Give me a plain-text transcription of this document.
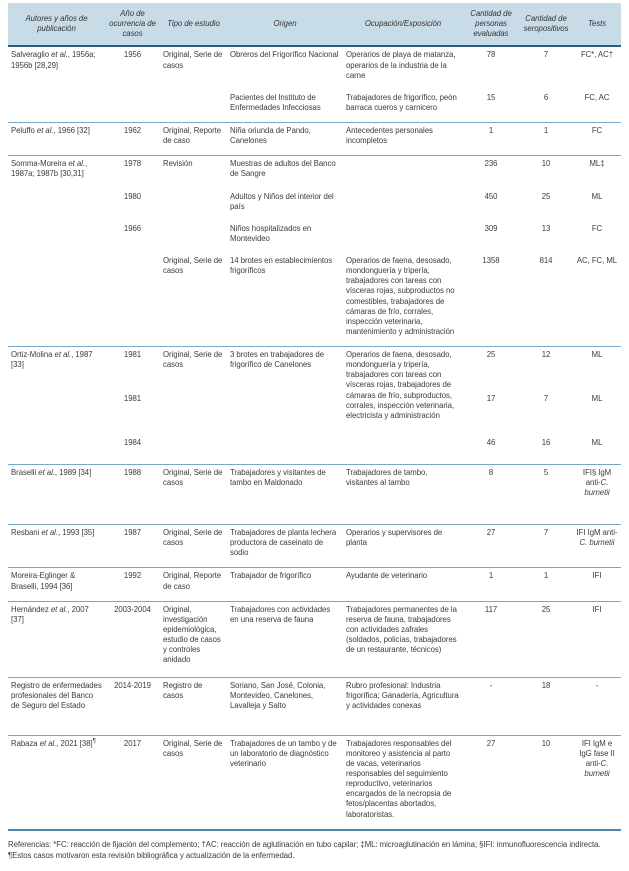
Autores y años de publicación	Año de ocurrencia de casos	Tipo de estudio	Origen	Ocupación/Exposición	Cantidad de personas evaluadas	Cantidad de seropositivos	Tests
Salveraglio et al., 1956a; 1956b [28,29]	1956	Original, Serie de casos	Obreros del Frigorífico Nacional	Operarios de playa de matanza, operarios de la industria de la carne	78	7	FC*, AC†
			Pacientes del Instituto de Enfermedades Infecciosas	Trabajadores de frigorífico, peón barraca cueros y carnicero	15	6	FC, AC
Peluffo et al., 1966 [32]	1962	Original, Reporte de caso	Niña oriunda de Pando, Canelones	Antecedentes personales incompletos	1	1	FC
Somma-Moreira et al., 1987a; 1987b [30,31]	1978	Revisión	Muestras de adultos del Banco de Sangre		236	10	ML‡
	1980		Adultos y Niños del interior del país		450	25	ML
	1966		Niños hospitalizados en Montevideo		309	13	FC
		Original, Serie de casos	14 brotes en establecimientos frigoríficos	Operarios de faena, desosado, mondonguería y tripería, trabajadores con tareas con vísceras rojas, subproductos no comestibles, trabajadores de cámaras de frío, corrales, inspección veterinaria, mantenimiento y administración	1358	814	AC, FC, ML
Ortiz-Molina et al., 1987 [33]	1981	Original, Serie de casos	3 brotes en trabajadores de frigorífico de Canelones	Operarios de faena, desosado, mondonguería y tripería, trabajadores con tareas con vísceras rojas, trabajadores de cámaras de frío, subproductos, corrales, inspección veterinaria, electricista y administración	25	12	ML
	1981				17	7	ML
	1984				46	16	ML
Braselli et al., 1989 [34]	1988	Original, Serie de casos	Trabajadores y visitantes de tambo en Maldonado	Trabajadores de tambo, visitantes al tambo	8	5	IFI§ IgM anti-C. burnetii
Resbani et al., 1993 [35]	1987	Original, Serie de casos	Trabajadores de planta lechera productora de caseinato de sodio	Operarios y supervisores de planta	27	7	IFI IgM anti-C. burnetii
Moreira-Eglinger & Braselli, 1994 [36]	1992	Original, Reporte de caso	Trabajador de frigorífico	Ayudante de veterinario	1	1	IFI
Hernández et al., 2007 [37]	2003-2004	Original, investigación epidemiológica, estudio de casos y controles anidado	Trabajadores con actividades en una reserva de fauna	Trabajadores permanentes de la reserva de fauna, trabajadores con actividades zafrales (soldados, policías, trabajadores de un restaurante, técnicos)	117	25	IFI
Registro de enfermedades profesionales del Banco de Seguro del Estado	2014-2019	Registro de casos	Soriano, San José, Colonia, Montevideo, Canelones, Lavalleja y Salto	Rubro profesional: Industria frigorífica; Ganadería, Agricultura y actividades conexas	-	18	-
Rabaza et al., 2021 [38]¶	2017	Original, Serie de casos	Trabajadores de un tambo y de un laboratorio de diagnóstico veterinario	Trabajadores responsables del monitoreo y asistencia al parto de vacas, veterinarios responsables del seguimiento reproductivo, veterinarios encargados de la necropsia de fetos/placentas abortados, laboratoristas.	27	10	IFI IgM e IgG fase II anti-C. burnetii

Referencias: *FC: reacción de fijación del complemento; †AC: reacción de aglutinación en tubo capilar; ‡ML: microaglutinación en lámina; §IFI: inmunofluorescencia indirecta. ¶Estos casos motivaron esta revisión bibliográfica y actualización de la enfermedad.
